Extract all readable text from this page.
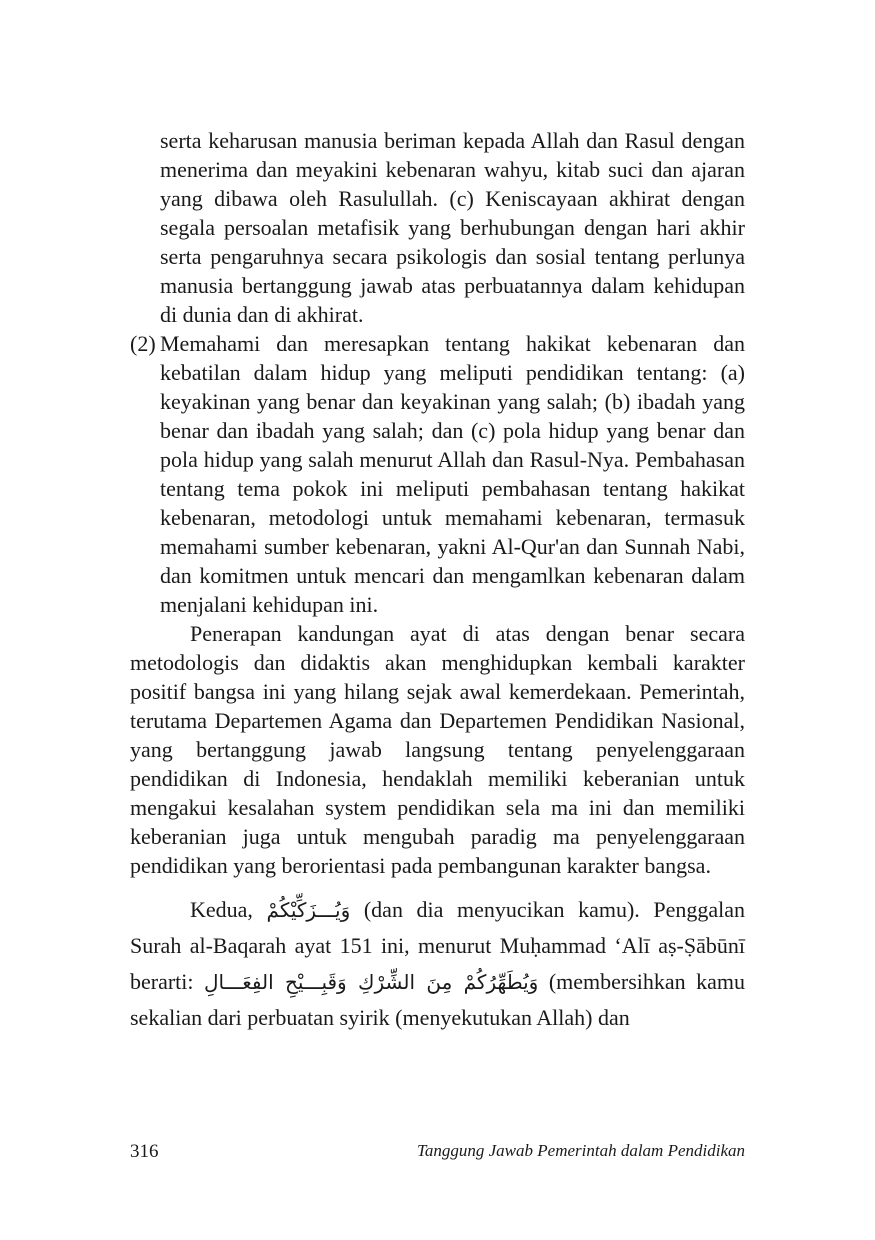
serta keharusan manusia beriman kepada Allah dan Rasul dengan menerima dan meyakini kebenaran wahyu, kitab suci dan ajaran yang dibawa oleh Rasulullah. (c) Keniscayaan akhirat dengan segala persoalan metafisik yang berhubungan dengan hari akhir serta pengaruhnya secara psikologis dan sosial tentang perlunya manusia bertanggung jawab atas perbuatannya dalam kehidupan di dunia dan di akhirat.

(2) Memahami dan meresapkan tentang hakikat kebenaran dan kebatilan dalam hidup yang meliputi pendidikan tentang: (a) keyakinan yang benar dan keyakinan yang salah; (b) ibadah yang benar dan ibadah yang salah; dan (c) pola hidup yang benar dan pola hidup yang salah menurut Allah dan Rasul-Nya. Pembahasan tentang tema pokok ini meliputi pembahasan tentang hakikat kebenaran, metodologi untuk memahami kebenaran, termasuk memahami sumber kebenaran, yakni Al-Qur'an dan Sunnah Nabi, dan komitmen untuk mencari dan mengamlkan kebenaran dalam menjalani kehidupan ini.

Penerapan kandungan ayat di atas dengan benar secara metodologis dan didaktis akan menghidupkan kembali karakter positif bangsa ini yang hilang sejak awal kemerdekaan. Pemerintah, terutama Departemen Agama dan Departemen Pendidikan Nasional, yang bertanggung jawab langsung tentang penyelenggaraan pendidikan di Indonesia, hendaklah memiliki keberanian untuk mengakui kesalahan system pendidikan sela ma ini dan memiliki keberanian juga untuk mengubah paradig ma penyelenggaraan pendidikan yang berorientasi pada pembangunan karakter bangsa.

Kedua, وَيُـــزَكِّيْكُمْ (dan dia menyucikan kamu). Penggalan Surah al-Baqarah ayat 151 ini, menurut Muḥammad ‘Alī aṣ-Ṣābūnī berarti: وَيُطَهِّرُكُمْ مِنَ الشِّرْكِ وَقَبِـــيْحِ الفِعَـــالِ (membersihkan kamu sekalian dari perbuatan syirik (menyekutukan Allah) dan

316	Tanggung Jawab Pemerintah dalam Pendidikan
